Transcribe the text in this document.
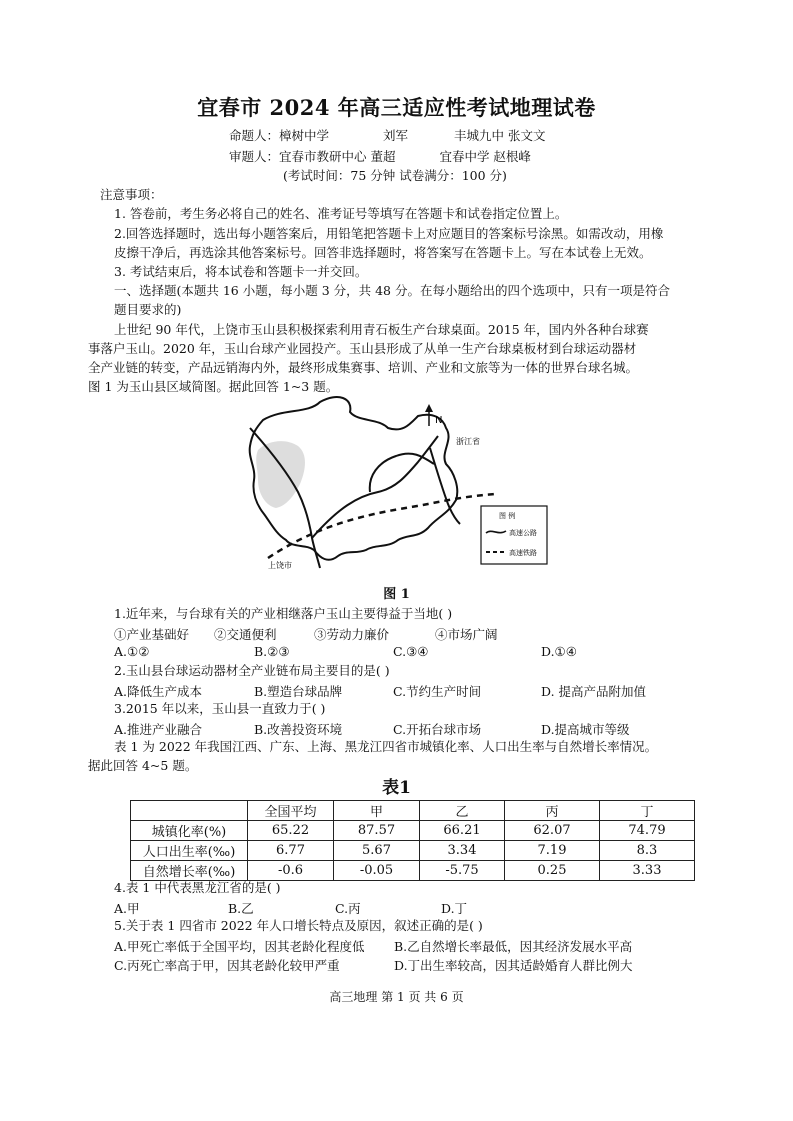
宜春市 2024 年高三适应性考试地理试卷
命题人：樟树中学	刘军	丰城九中 张文文
审题人：宜春市教研中心 董超	宜春中学 赵根峰
(考试时间：75 分钟 试卷满分：100 分)
注意事项：
1. 答卷前，考生务必将自己的姓名、准考证号等填写在答题卡和试卷指定位置上。
2.回答选择题时，选出每小题答案后，用铅笔把答题卡上对应题目的答案标号涂黑。如需改动，用橡
皮擦干净后，再选涂其他答案标号。回答非选择题时，将答案写在答题卡上。写在本试卷上无效。
3. 考试结束后，将本试卷和答题卡一并交回。
一、选择题(本题共 16 小题，每小题 3 分，共 48 分。在每小题给出的四个选项中，只有一项是符合
题目要求的)
上世纪 90 年代，上饶市玉山县积极探索利用青石板生产台球桌面。2015 年，国内外各种台球赛
事落户玉山。2020 年，玉山台球产业园投产。玉山县形成了从单一生产台球桌板材到台球运动器材
全产业链的转变，产品远销海内外，最终形成集赛事、培训、产业和文旅等为一体的世界台球名城。
图 1 为玉山县区域简图。据此回答 1~3 题。
N
浙江省
上饶市
图 例
高速公路
高速铁路
图 1
1.近年来，与台球有关的产业相继落户玉山主要得益于当地( )
①产业基础好 ②交通便利	③劳动力廉价	④市场广阔
A.①②	B.②③	C.③④	D.①④
2.玉山县台球运动器材全产业链布局主要目的是( )
A.降低生产成本	B.塑造台球品牌	C.节约生产时间	D. 提高产品附加值
3.2015 年以来，玉山县一直致力于( )
A.推进产业融合	B.改善投资环境	C.开拓台球市场	D.提高城市等级
表 1 为 2022 年我国江西、广东、上海、黑龙江四省市城镇化率、人口出生率与自然增长率情况。
据此回答 4~5 题。
表1
	全国平均	甲	乙	丙	丁
城镇化率(%)	65.22	87.57	66.21	62.07	74.79
人口出生率(‰)	6.77	5.67	3.34	7.19	8.3
自然增长率(‰)	-0.6	-0.05	-5.75	0.25	3.33
4.表 1 中代表黑龙江省的是( )
A.甲	B.乙	C.丙	D.丁
5.关于表 1 四省市 2022 年人口增长特点及原因，叙述正确的是( )
A.甲死亡率低于全国平均，因其老龄化程度低 B.乙自然增长率最低，因其经济发展水平高
C.丙死亡率高于甲，因其老龄化较甲严重	D.丁出生率较高，因其适龄婚育人群比例大
高三地理 第 1 页 共 6 页
